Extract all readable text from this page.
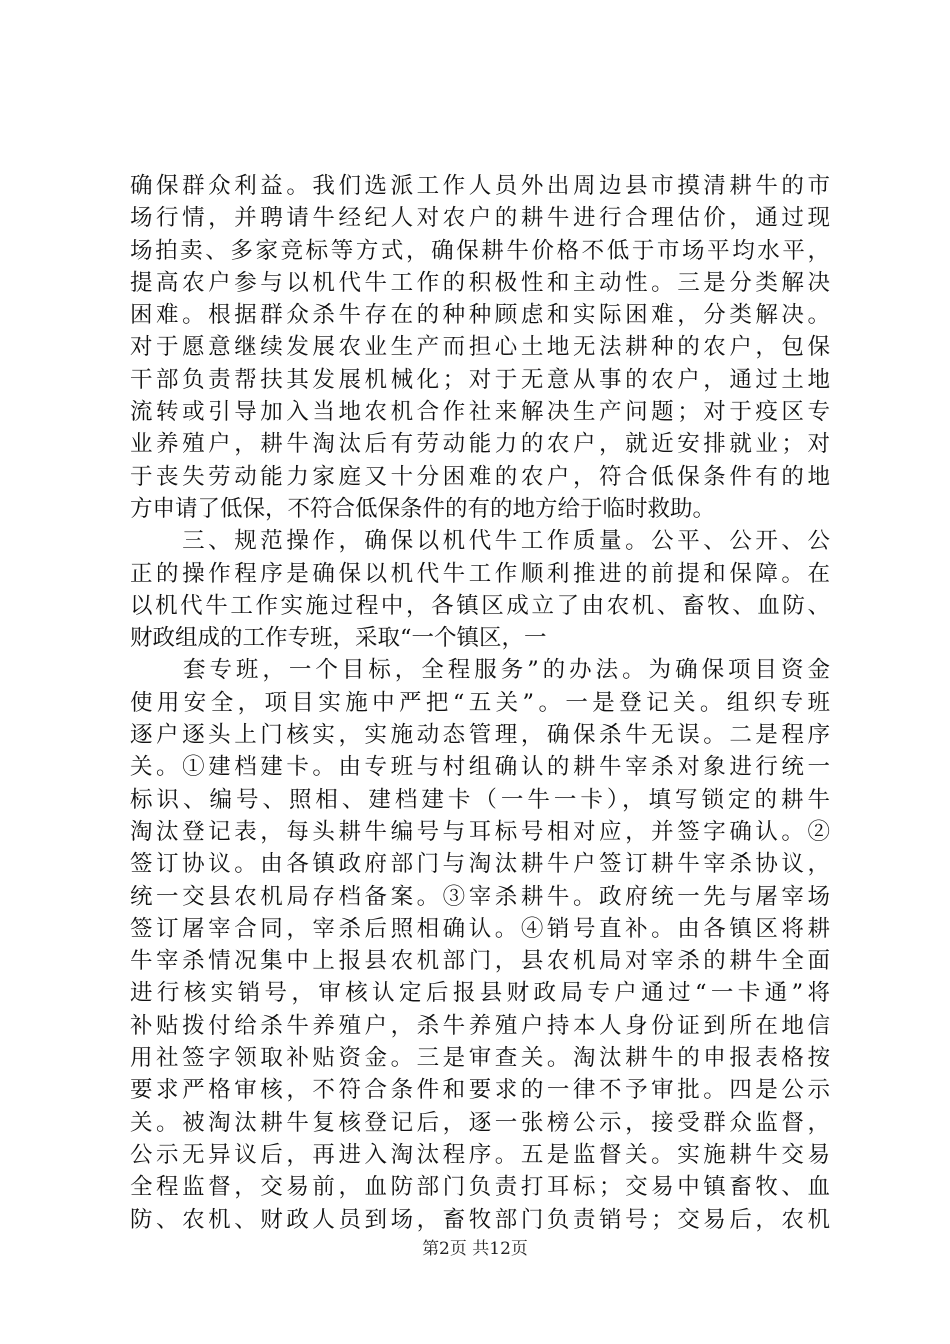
确保群众利益。我们选派工作人员外出周边县市摸清耕牛的市
场行情，并聘请牛经纪人对农户的耕牛进行合理估价，通过现
场拍卖、多家竞标等方式，确保耕牛价格不低于市场平均水平，
提高农户参与以机代牛工作的积极性和主动性。三是分类解决
困难。根据群众杀牛存在的种种顾虑和实际困难，分类解决。
对于愿意继续发展农业生产而担心土地无法耕种的农户，包保
干部负责帮扶其发展机械化；对于无意从事的农户，通过土地
流转或引导加入当地农机合作社来解决生产问题；对于疫区专
业养殖户，耕牛淘汰后有劳动能力的农户，就近安排就业；对
于丧失劳动能力家庭又十分困难的农户，符合低保条件有的地
方申请了低保，不符合低保条件的有的地方给于临时救助。
　　三、规范操作，确保以机代牛工作质量。公平、公开、公
正的操作程序是确保以机代牛工作顺利推进的前提和保障。在
以机代牛工作实施过程中，各镇区成立了由农机、畜牧、血防、
财政组成的工作专班，采取“一个镇区，一
　　套专班，一个目标，全程服务”的办法。为确保项目资金
使用安全，项目实施中严把“五关”。一是登记关。组织专班
逐户逐头上门核实，实施动态管理，确保杀牛无误。二是程序
关。①建档建卡。由专班与村组确认的耕牛宰杀对象进行统一
标识、编号、照相、建档建卡（一牛一卡），填写锁定的耕牛
淘汰登记表，每头耕牛编号与耳标号相对应，并签字确认。②
签订协议。由各镇政府部门与淘汰耕牛户签订耕牛宰杀协议，
统一交县农机局存档备案。③宰杀耕牛。政府统一先与屠宰场
签订屠宰合同，宰杀后照相确认。④销号直补。由各镇区将耕
牛宰杀情况集中上报县农机部门，县农机局对宰杀的耕牛全面
进行核实销号，审核认定后报县财政局专户通过“一卡通”将
补贴拨付给杀牛养殖户，杀牛养殖户持本人身份证到所在地信
用社签字领取补贴资金。三是审查关。淘汰耕牛的申报表格按
要求严格审核，不符合条件和要求的一律不予审批。四是公示
关。被淘汰耕牛复核登记后，逐一张榜公示，接受群众监督，
公示无异议后，再进入淘汰程序。五是监督关。实施耕牛交易
全程监督，交易前，血防部门负责打耳标；交易中镇畜牧、血
防、农机、财政人员到场，畜牧部门负责销号；交易后，农机
第2页 共12页
